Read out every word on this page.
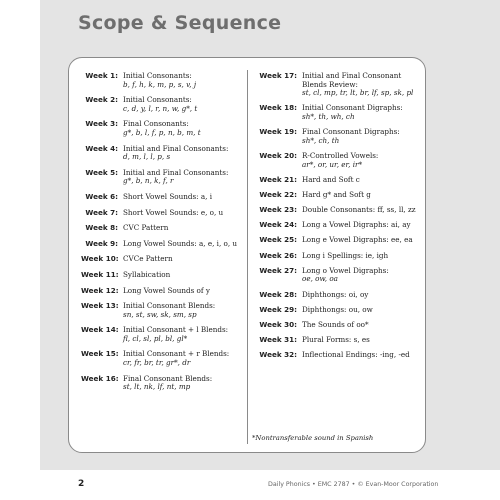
Scope & Sequence
Week 1: Initial Consonants:
b, f, h, k, m, p, s, v, j
Week 2: Initial Consonants:
c, d, y, l, r, n, w, g*, t
Week 3: Final Consonants:
g*, b, l, f, p, n, b, m, t
Week 4: Initial and Final Consonants:
d, m, l, l, p, s
Week 5: Initial and Final Consonants:
g*, b, n, k, f, r
Week 6: Short Vowel Sounds: a, i
Week 7: Short Vowel Sounds: e, o, u
Week 8: CVC Pattern
Week 9: Long Vowel Sounds: a, e, i, o, u
Week 10: CVCe Pattern
Week 11: Syllabication
Week 12: Long Vowel Sounds of y
Week 13: Initial Consonant Blends:
sn, st, sw, sk, sm, sp
Week 14: Initial Consonant + l Blends:
fl, cl, sl, pl, bl, gl*
Week 15: Initial Consonant + r Blends:
cr, fr, br, tr, gr*, dr
Week 16: Final Consonant Blends:
st, lt, nk, lf, nt, mp
Week 17: Initial and Final Consonant
Blends Review:
st, cl, mp, tr, lt, br, lf, sp, sk, pl
Week 18: Initial Consonant Digraphs:
sh*, th, wh, ch
Week 19: Final Consonant Digraphs:
sh*, ch, th
Week 20: R-Controlled Vowels:
ar*, or, ur, er, ir*
Week 21: Hard and Soft c
Week 22: Hard g* and Soft g
Week 23: Double Consonants: ff, ss, ll, zz
Week 24: Long a Vowel Digraphs: ai, ay
Week 25: Long e Vowel Digraphs: ee, ea
Week 26: Long i Spellings: ie, igh
Week 27: Long o Vowel Digraphs:
oe, ow, oa
Week 28: Diphthongs: oi, oy
Week 29: Diphthongs: ou, ow
Week 30: The Sounds of oo*
Week 31: Plural Forms: s, es
Week 32: Inflectional Endings: -ing, -ed
*Nontransferable sound in Spanish
2	Daily Phonics • EMC 2787 • © Evan-Moor Corporation
